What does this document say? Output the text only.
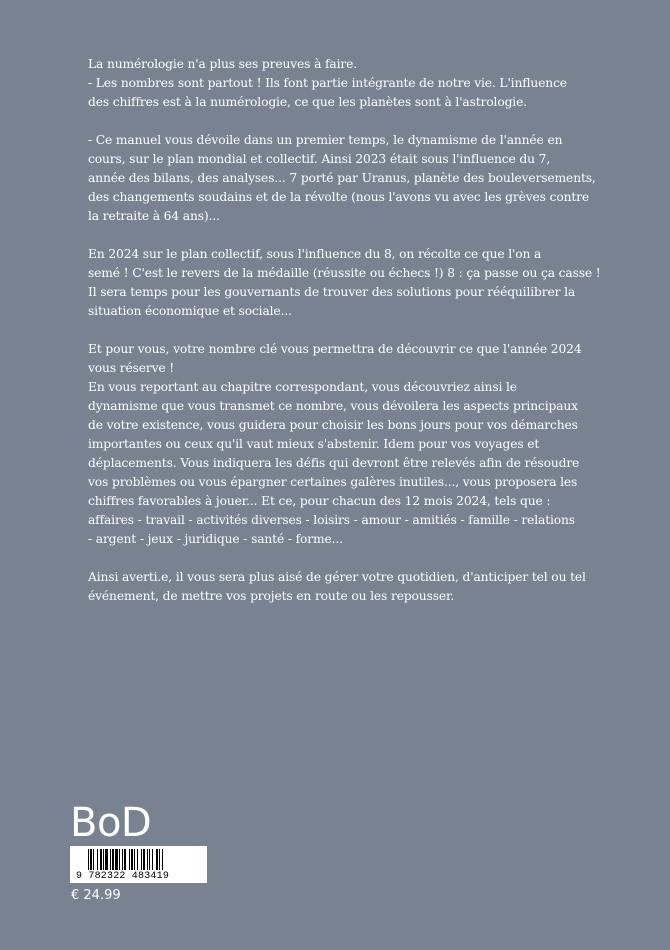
La numérologie n'a plus ses preuves à faire.
- Les nombres sont partout ! Ils font partie intégrante de notre vie. L'influence
des chiffres est à la numérologie, ce que les planètes sont à l'astrologie.
- Ce manuel vous dévoile dans un premier temps, le dynamisme de l'année en
cours, sur le plan mondial et collectif. Ainsi 2023 était sous l'influence du 7,
année des bilans, des analyses... 7 porté par Uranus, planète des bouleversements,
des changements soudains et de la révolte (nous l'avons vu avec les grèves contre
la retraite à 64 ans)...
En 2024 sur le plan collectif, sous l'influence du 8, on récolte ce que l'on a
semé ! C'est le revers de la médaille (réussite ou échecs !) 8 : ça passe ou ça casse !
Il sera temps pour les gouvernants de trouver des solutions pour rééquilibrer la
situation économique et sociale...
Et pour vous, votre nombre clé vous permettra de découvrir ce que l'année 2024
vous réserve !
En vous reportant au chapitre correspondant, vous découvriez ainsi le
dynamisme que vous transmet ce nombre, vous dévoilera les aspects principaux
de votre existence, vous guidera pour choisir les bons jours pour vos démarches
importantes ou ceux qu'il vaut mieux s'abstenir. Idem pour vos voyages et
déplacements. Vous indiquera les défis qui devront être relevés afin de résoudre
vos problèmes ou vous épargner certaines galères inutiles..., vous proposera les
chiffres favorables à jouer... Et ce, pour chacun des 12 mois 2024, tels que :
affaires - travail - activités diverses - loisirs - amour - amitiés - famille - relations
- argent - jeux - juridique - santé - forme...
Ainsi averti.e, il vous sera plus aisé de gérer votre quotidien, d'anticiper tel ou tel
événement, de mettre vos projets en route ou les repousser.
BoD
9 782322 483419
€ 24.99
